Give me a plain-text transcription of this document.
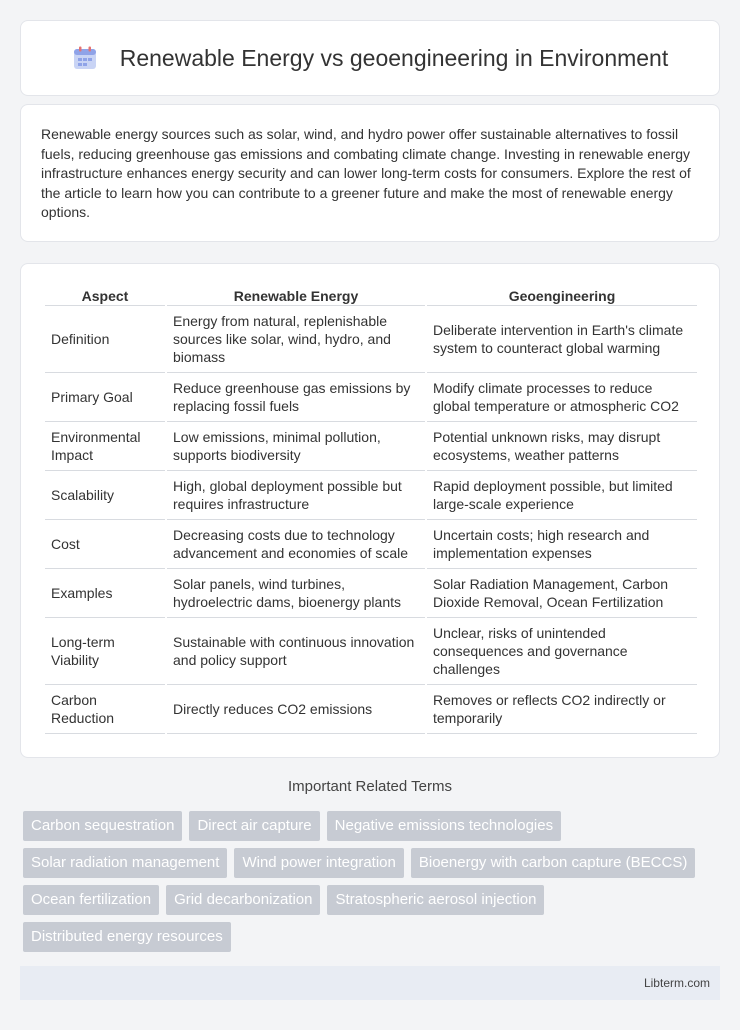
Renewable Energy vs geoengineering in Environment

Renewable energy sources such as solar, wind, and hydro power offer sustainable alternatives to fossil fuels, reducing greenhouse gas emissions and combating climate change. Investing in renewable energy infrastructure enhances energy security and can lower long-term costs for consumers. Explore the rest of the article to learn how you can contribute to a greener future and make the most of renewable energy options.

Aspect	Renewable Energy	Geoengineering
Definition	Energy from natural, replenishable sources like solar, wind, hydro, and biomass	Deliberate intervention in Earth's climate system to counteract global warming
Primary Goal	Reduce greenhouse gas emissions by replacing fossil fuels	Modify climate processes to reduce global temperature or atmospheric CO2
Environmental Impact	Low emissions, minimal pollution, supports biodiversity	Potential unknown risks, may disrupt ecosystems, weather patterns
Scalability	High, global deployment possible but requires infrastructure	Rapid deployment possible, but limited large-scale experience
Cost	Decreasing costs due to technology advancement and economies of scale	Uncertain costs; high research and implementation expenses
Examples	Solar panels, wind turbines, hydroelectric dams, bioenergy plants	Solar Radiation Management, Carbon Dioxide Removal, Ocean Fertilization
Long-term Viability	Sustainable with continuous innovation and policy support	Unclear, risks of unintended consequences and governance challenges
Carbon Reduction	Directly reduces CO2 emissions	Removes or reflects CO2 indirectly or temporarily
Important Related Terms
Carbon sequestration	Direct air capture	Negative emissions technologies
Solar radiation management	Wind power integration	Bioenergy with carbon capture (BECCS)
Ocean fertilization	Grid decarbonization	Stratospheric aerosol injection
Distributed energy resources
Libterm.com
